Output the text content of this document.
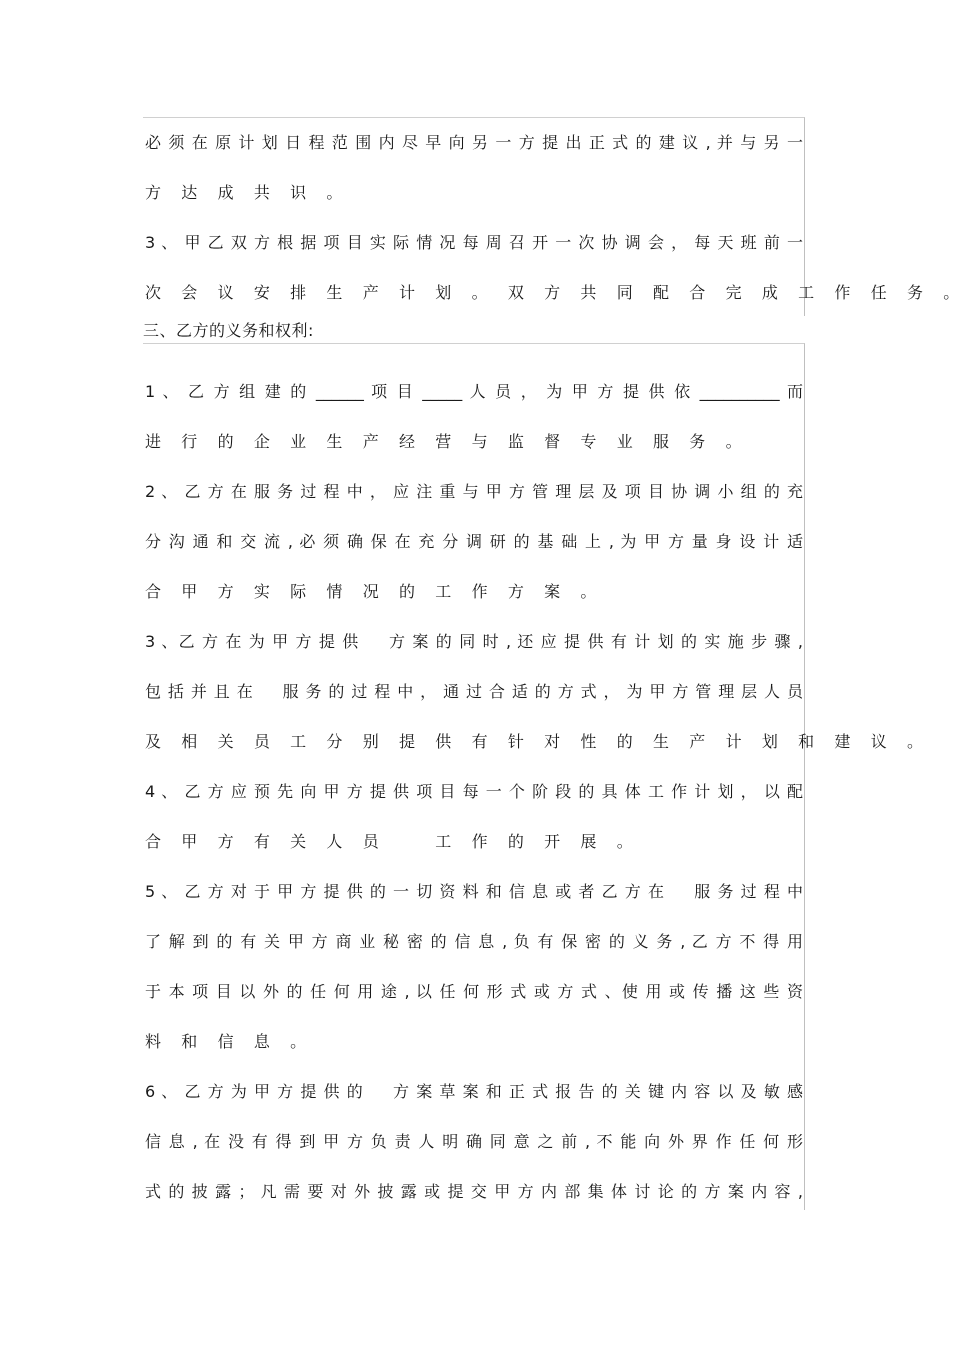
必 须 在 原 计 划 日 程 范 围 内 尽 早 向 另 一 方 提 出 正 式 的 建 议 , 并 与 另 一
方 达 成 共 识 。
3 、 甲 乙 双 方 根 据 项 目 实 际 情 况 每 周 召 开 一 次 协 调 会 ， 每 天 班 前 一
次 会 议 安 排 生 产 计 划 。 双 方 共 同 配 合 完 成 工 作 任 务 。
三、乙方的义务和权利:
1 、 乙 方 组 建 的 ______ 项 目 _____ 人 员 ， 为 甲 方 提 供 依 __________ 而
进 行 的 企 业 生 产 经 营 与 监 督 专 业 服 务 。
2 、 乙 方 在 服 务 过 程 中 ， 应 注 重 与 甲 方 管 理 层 及 项 目 协 调 小 组 的 充
分 沟 通 和 交 流 , 必 须 确 保 在 充 分 调 研 的 基 础 上 , 为 甲 方 量 身 设 计 适
合 甲 方 实 际 情 况 的 工 作 方 案 。
3 、乙 方 在 为 甲 方 提 供 　 方 案 的 同 时 , 还 应 提 供 有 计 划 的 实 施 步 骤 ,
包 括 并 且 在 　 服 务 的 过 程 中 ， 通 过 合 适 的 方 式 ， 为 甲 方 管 理 层 人 员
及 相 关 员 工 分 别 提 供 有 针 对 性 的 生 产 计 划 和 建 议 。
4 、 乙 方 应 预 先 向 甲 方 提 供 项 目 每 一 个 阶 段 的 具 体 工 作 计 划 ， 以 配
合 甲 方 有 关 人 员 　 工 作 的 开 展 。
5 、 乙 方 对 于 甲 方 提 供 的 一 切 资 料 和 信 息 或 者 乙 方 在 　 服 务 过 程 中
了 解 到 的 有 关 甲 方 商 业 秘 密 的 信 息 , 负 有 保 密 的 义 务 , 乙 方 不 得 用
于 本 项 目 以 外 的 任 何 用 途 , 以 任 何 形 式 或 方 式 、使 用 或 传 播 这 些 资
料 和 信 息 。
6 、 乙 方 为 甲 方 提 供 的 　 方 案 草 案 和 正 式 报 告 的 关 键 内 容 以 及 敏 感
信 息 , 在 没 有 得 到 甲 方 负 责 人 明 确 同 意 之 前 , 不 能 向 外 界 作 任 何 形
式 的 披 露 ； 凡 需 要 对 外 披 露 或 提 交 甲 方 内 部 集 体 讨 论 的 方 案 内 容 ,
